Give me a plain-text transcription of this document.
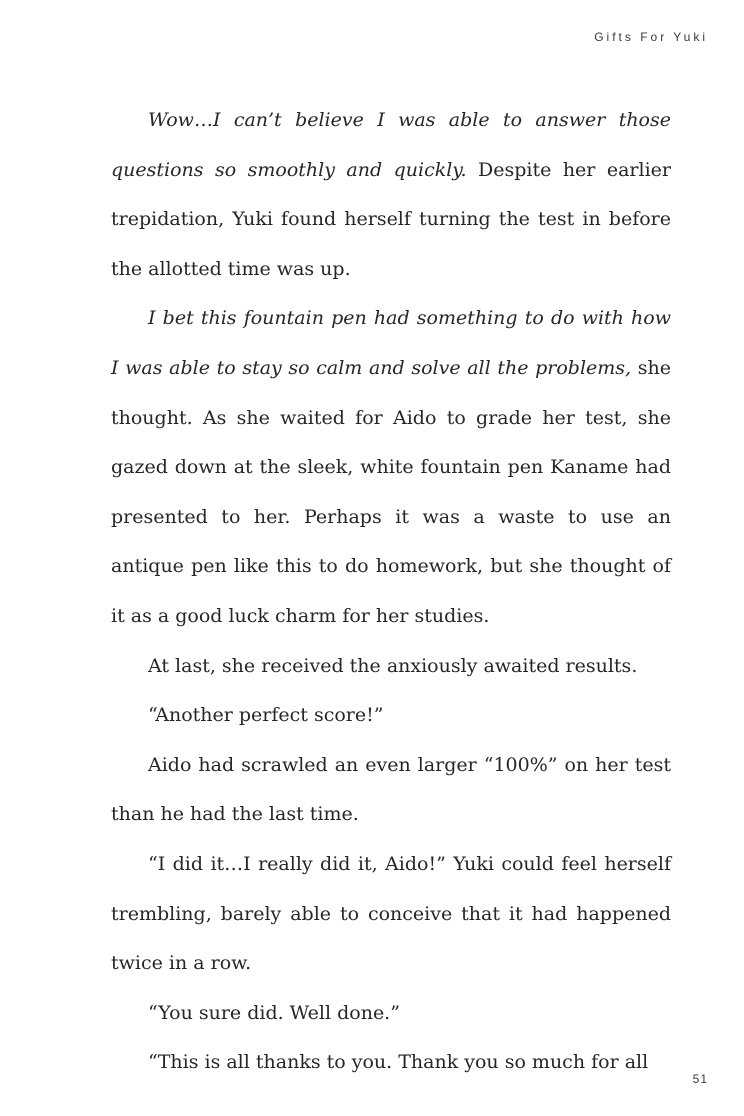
Gifts For Yuki

Wow…I can’t believe I was able to answer those questions so smoothly and quickly. Despite her earlier trepidation, Yuki found herself turning the test in before the allotted time was up.

I bet this fountain pen had something to do with how I was able to stay so calm and solve all the problems, she thought. As she waited for Aido to grade her test, she gazed down at the sleek, white fountain pen Kaname had presented to her. Perhaps it was a waste to use an antique pen like this to do homework, but she thought of it as a good luck charm for her studies.

At last, she received the anxiously awaited results.

“Another perfect score!”

Aido had scrawled an even larger “100%” on her test than he had the last time.

“I did it…I really did it, Aido!” Yuki could feel herself trembling, barely able to conceive that it had happened twice in a row.

“You sure did. Well done.”

“This is all thanks to you. Thank you so much for all

51
